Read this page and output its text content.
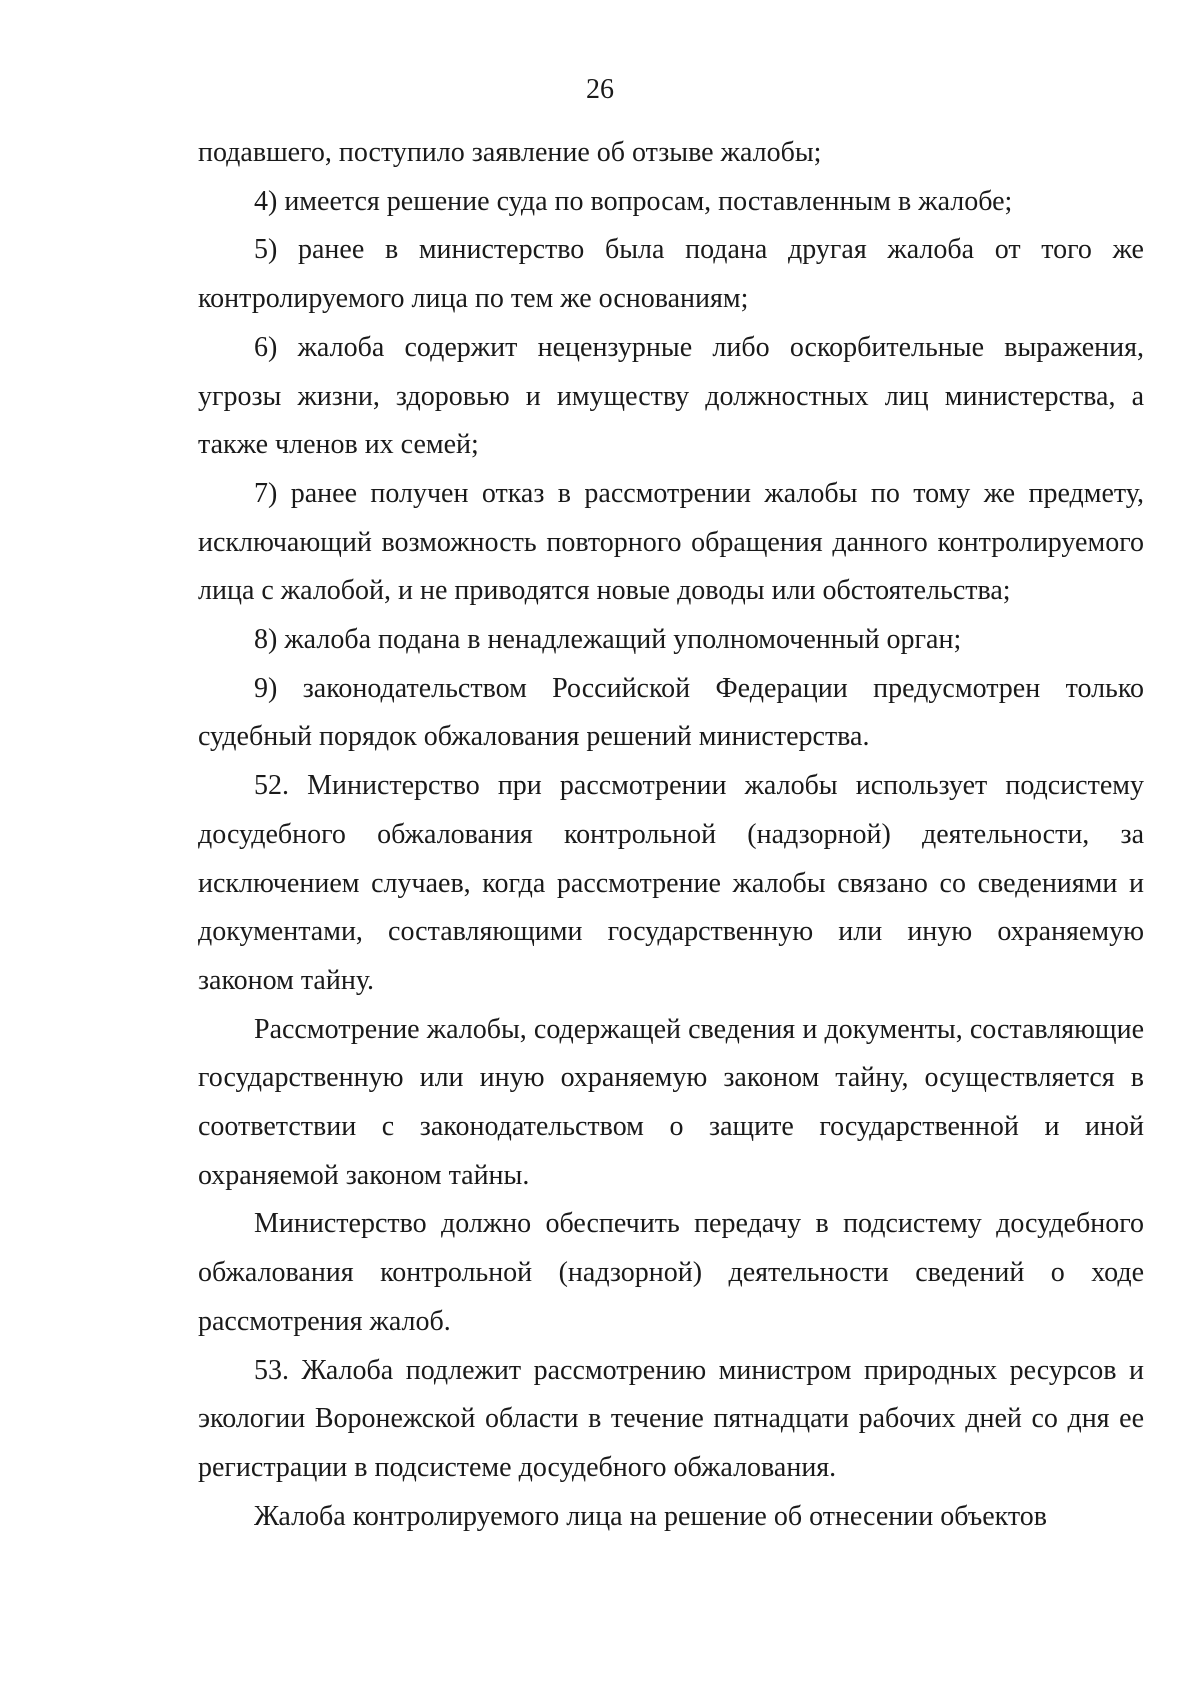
26

подавшего, поступило заявление об отзыве жалобы;

4) имеется решение суда по вопросам, поставленным в жалобе;

5) ранее в министерство была подана другая жалоба от того же контролируемого лица по тем же основаниям;

6) жалоба содержит нецензурные либо оскорбительные выражения, угрозы жизни, здоровью и имуществу должностных лиц министерства, а также членов их семей;

7) ранее получен отказ в рассмотрении жалобы по тому же предмету, исключающий возможность повторного обращения данного контролируемого лица с жалобой, и не приводятся новые доводы или обстоятельства;

8) жалоба подана в ненадлежащий уполномоченный орган;

9) законодательством Российской Федерации предусмотрен только судебный порядок обжалования решений министерства.

52. Министерство при рассмотрении жалобы использует подсистему досудебного обжалования контрольной (надзорной) деятельности, за исключением случаев, когда рассмотрение жалобы связано со сведениями и документами, составляющими государственную или иную охраняемую законом тайну.

Рассмотрение жалобы, содержащей сведения и документы, составляющие государственную или иную охраняемую законом тайну, осуществляется в соответствии с законодательством о защите государственной и иной охраняемой законом тайны.

Министерство должно обеспечить передачу в подсистему досудебного обжалования контрольной (надзорной) деятельности сведений о ходе рассмотрения жалоб.

53. Жалоба подлежит рассмотрению министром природных ресурсов и экологии Воронежской области в течение пятнадцати рабочих дней со дня ее регистрации в подсистеме досудебного обжалования.

Жалоба контролируемого лица на решение об отнесении объектов
